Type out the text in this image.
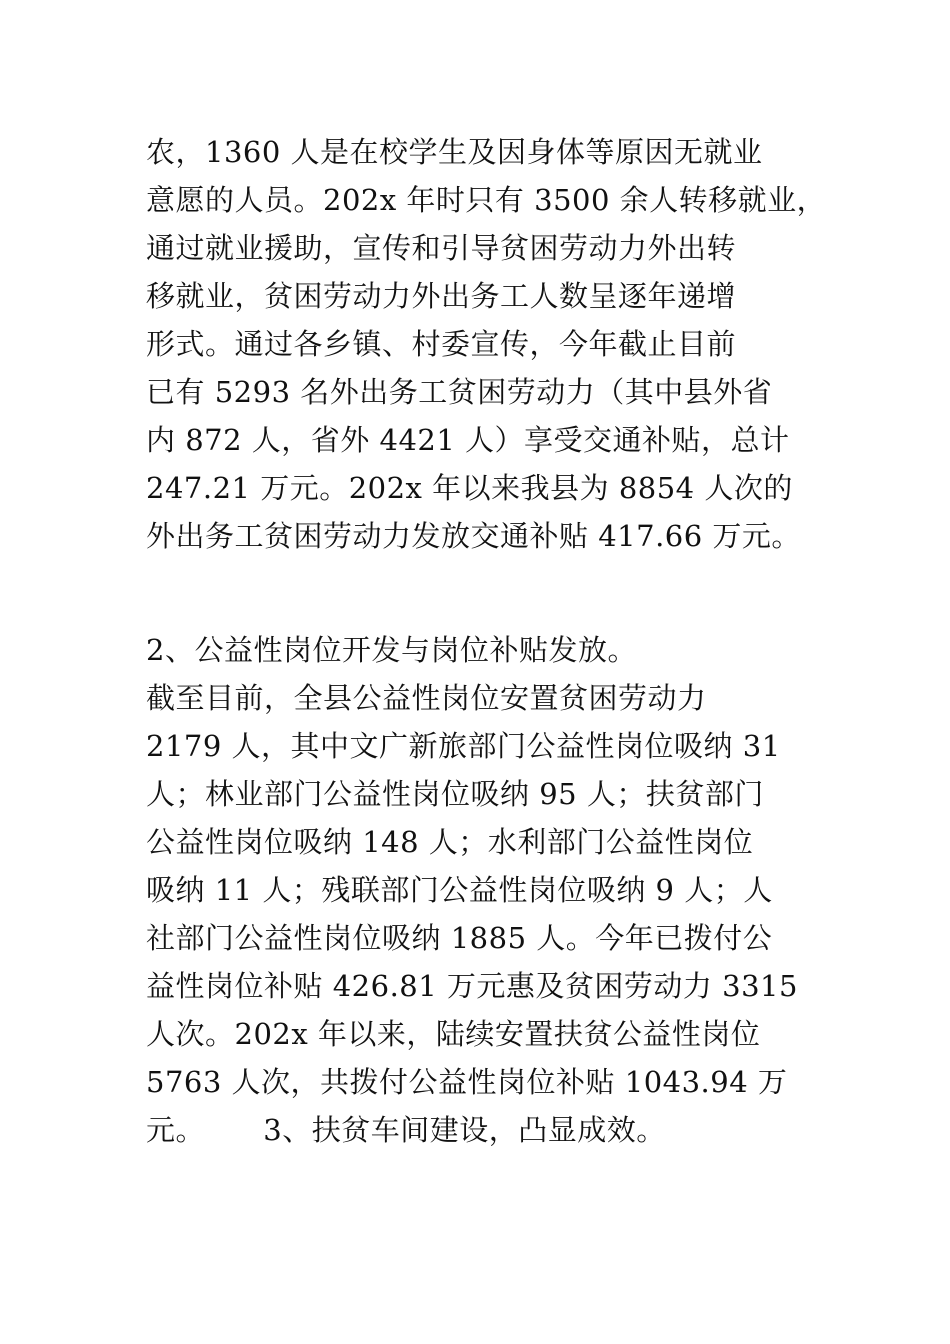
农，1360 人是在校学生及因身体等原因无就业
意愿的人员。202x 年时只有 3500 余人转移就业，
通过就业援助，宣传和引导贫困劳动力外出转
移就业，贫困劳动力外出务工人数呈逐年递增
形式。通过各乡镇、村委宣传，今年截止目前
已有 5293 名外出务工贫困劳动力（其中县外省
内 872 人，省外 4421 人）享受交通补贴，总计
247.21 万元。202x 年以来我县为 8854 人次的
外出务工贫困劳动力发放交通补贴 417.66 万元。
2、公益性岗位开发与岗位补贴发放。
截至目前，全县公益性岗位安置贫困劳动力
2179 人，其中文广新旅部门公益性岗位吸纳 31
人；林业部门公益性岗位吸纳 95 人；扶贫部门
公益性岗位吸纳 148 人；水利部门公益性岗位
吸纳 11 人；残联部门公益性岗位吸纳 9 人；人
社部门公益性岗位吸纳 1885 人。今年已拨付公
益性岗位补贴 426.81 万元惠及贫困劳动力 3315
人次。202x 年以来，陆续安置扶贫公益性岗位
5763 人次，共拨付公益性岗位补贴 1043.94 万
元。      3、扶贫车间建设，凸显成效。
